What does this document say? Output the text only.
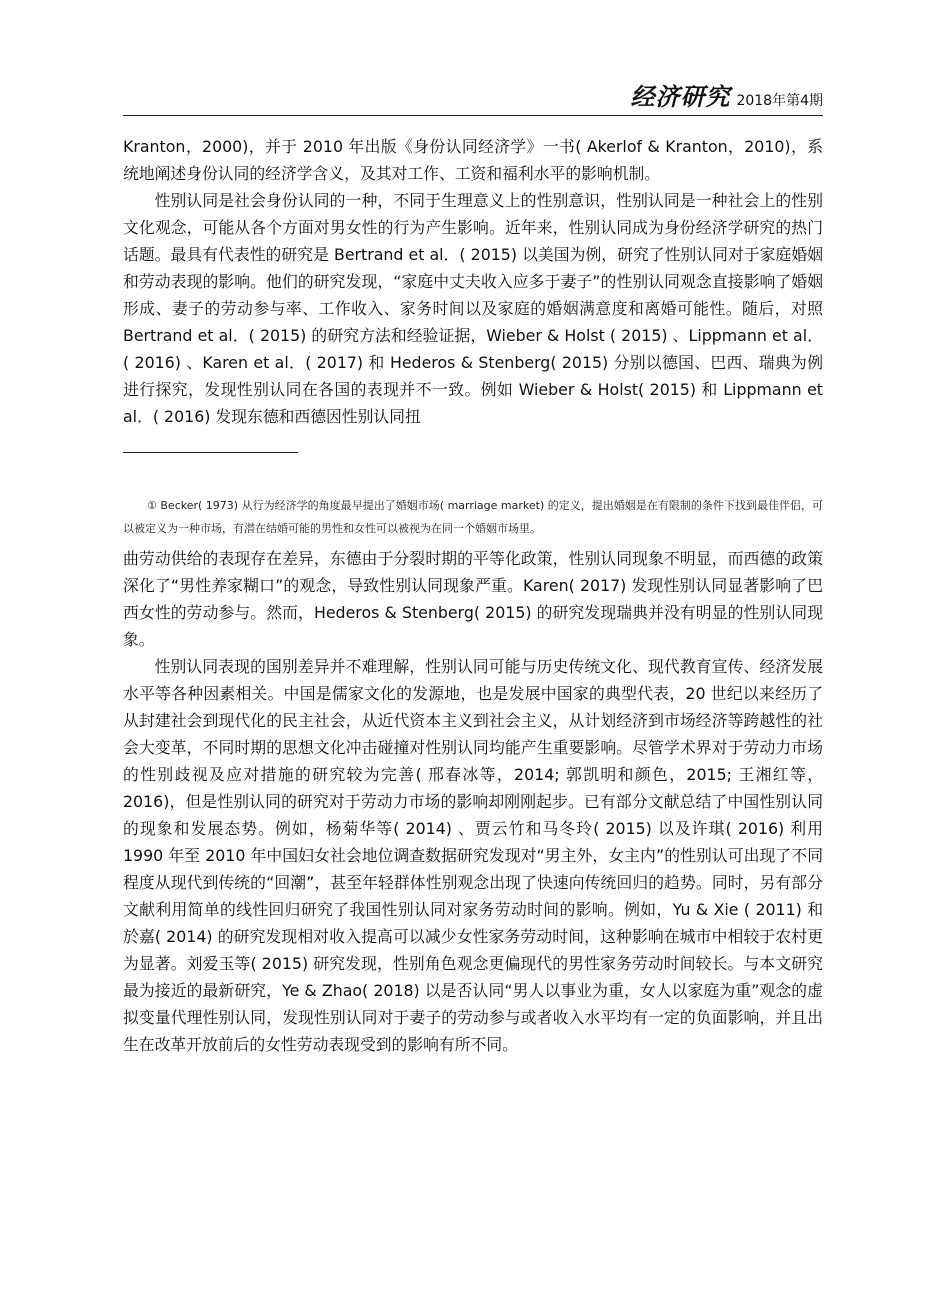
经济研究 2018年第4期

Kranton，2000)，并于 2010 年出版《身份认同经济学》一书( Akerlof & Kranton，2010)，系统地阐述身份认同的经济学含义，及其对工作、工资和福利水平的影响机制。

性别认同是社会身份认同的一种，不同于生理意义上的性别意识，性别认同是一种社会上的性别文化观念，可能从各个方面对男女性的行为产生影响。近年来，性别认同成为身份经济学研究的热门话题。最具有代表性的研究是 Bertrand et al．( 2015) 以美国为例，研究了性别认同对于家庭婚姻和劳动表现的影响。他们的研究发现，“家庭中丈夫收入应多于妻子”的性别认同观念直接影响了婚姻形成、妻子的劳动参与率、工作收入、家务时间以及家庭的婚姻满意度和离婚可能性。随后，对照 Bertrand et al．( 2015) 的研究方法和经验证据，Wieber & Holst ( 2015) 、Lippmann et al．( 2016) 、Karen et al．( 2017) 和 Hederos & Stenberg( 2015) 分别以德国、巴西、瑞典为例进行探究，发现性别认同在各国的表现并不一致。例如 Wieber & Holst( 2015) 和 Lippmann et al．( 2016) 发现东德和西德因性别认同扭

① Becker( 1973) 从行为经济学的角度最早提出了婚姻市场( marriage market) 的定义，提出婚姻是在有限制的条件下找到最佳伴侣，可以被定义为一种市场，有潜在结婚可能的男性和女性可以被视为在同一个婚姻市场里。

曲劳动供给的表现存在差异，东德由于分裂时期的平等化政策，性别认同现象不明显，而西德的政策深化了“男性养家糊口”的观念，导致性别认同现象严重。Karen( 2017) 发现性别认同显著影响了巴西女性的劳动参与。然而，Hederos & Stenberg( 2015) 的研究发现瑞典并没有明显的性别认同现象。

性别认同表现的国别差异并不难理解，性别认同可能与历史传统文化、现代教育宣传、经济发展水平等各种因素相关。中国是儒家文化的发源地，也是发展中国家的典型代表，20 世纪以来经历了从封建社会到现代化的民主社会，从近代资本主义到社会主义，从计划经济到市场经济等跨越性的社会大变革，不同时期的思想文化冲击碰撞对性别认同均能产生重要影响。尽管学术界对于劳动力市场的性别歧视及应对措施的研究较为完善( 邢春冰等，2014; 郭凯明和颜色，2015; 王湘红等，2016)，但是性别认同的研究对于劳动力市场的影响却刚刚起步。已有部分文献总结了中国性别认同的现象和发展态势。例如，杨菊华等( 2014) 、贾云竹和马冬玲( 2015) 以及许琪( 2016) 利用 1990 年至 2010 年中国妇女社会地位调查数据研究发现对“男主外，女主内”的性别认可出现了不同程度从现代到传统的“回潮”，甚至年轻群体性别观念出现了快速向传统回归的趋势。同时，另有部分文献利用简单的线性回归研究了我国性别认同对家务劳动时间的影响。例如，Yu & Xie ( 2011) 和於嘉( 2014) 的研究发现相对收入提高可以减少女性家务劳动时间，这种影响在城市中相较于农村更为显著。刘爱玉等( 2015) 研究发现，性别角色观念更偏现代的男性家务劳动时间较长。与本文研究最为接近的最新研究，Ye & Zhao( 2018) 以是否认同“男人以事业为重，女人以家庭为重”观念的虚拟变量代理性别认同，发现性别认同对于妻子的劳动参与或者收入水平均有一定的负面影响，并且出生在改革开放前后的女性劳动表现受到的影响有所不同。
